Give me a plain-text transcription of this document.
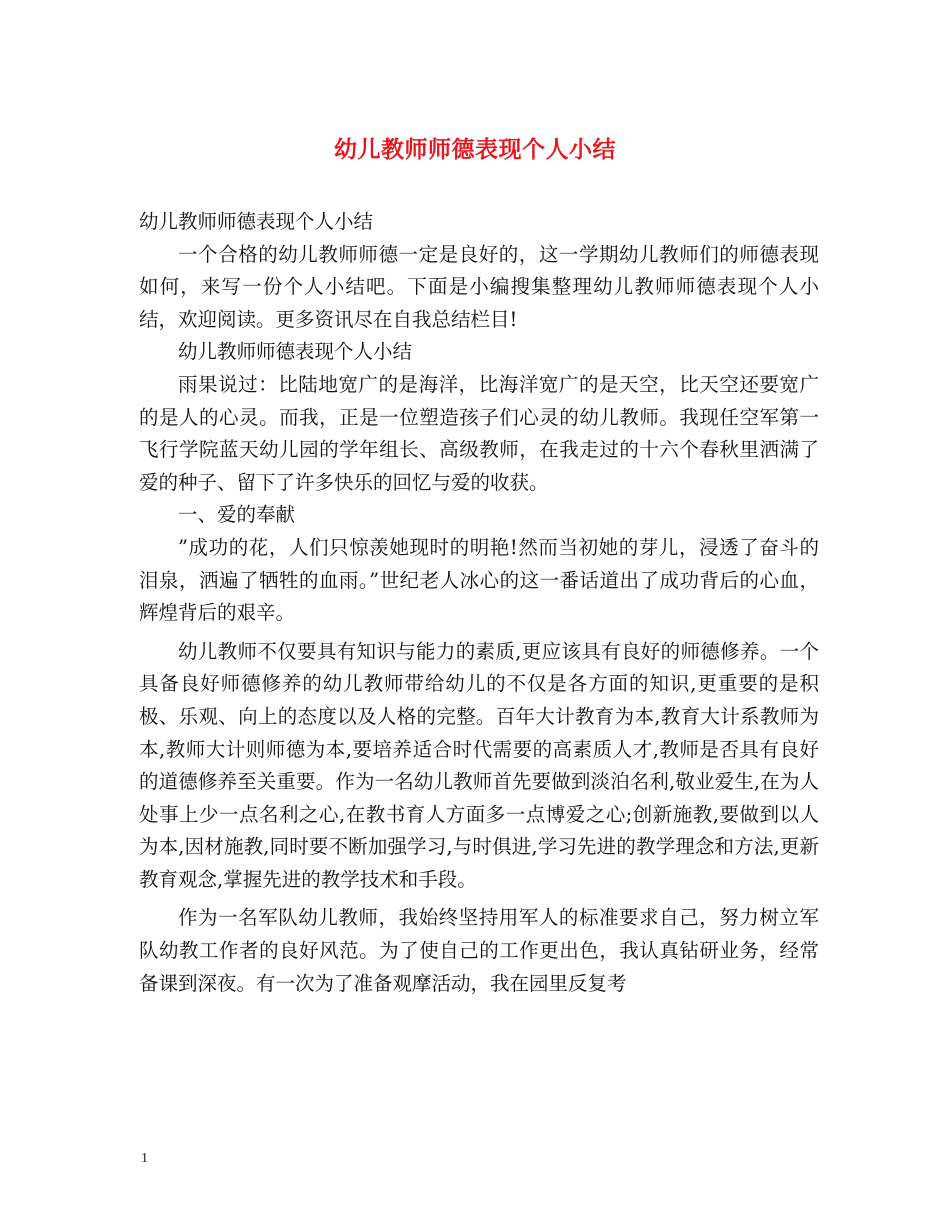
幼儿教师师德表现个人小结

幼儿教师师德表现个人小结

一个合格的幼儿教师师德一定是良好的，这一学期幼儿教师们的师德表现如何，来写一份个人小结吧。下面是小编搜集整理幼儿教师师德表现个人小结，欢迎阅读。更多资讯尽在自我总结栏目!

幼儿教师师德表现个人小结

雨果说过：比陆地宽广的是海洋，比海洋宽广的是天空，比天空还要宽广的是人的心灵。而我，正是一位塑造孩子们心灵的幼儿教师。我现任空军第一飞行学院蓝天幼儿园的学年组长、高级教师，在我走过的十六个春秋里洒满了爱的种子、留下了许多快乐的回忆与爱的收获。

一、爱的奉献

”成功的花，人们只惊羡她现时的明艳!然而当初她的芽儿，浸透了奋斗的泪泉，洒遍了牺牲的血雨。”世纪老人冰心的这一番话道出了成功背后的心血，辉煌背后的艰辛。

幼儿教师不仅要具有知识与能力的素质,更应该具有良好的师德修养。一个具备良好师德修养的幼儿教师带给幼儿的不仅是各方面的知识,更重要的是积极、乐观、向上的态度以及人格的完整。百年大计教育为本,教育大计系教师为本,教师大计则师德为本,要培养适合时代需要的高素质人才,教师是否具有良好的道德修养至关重要。作为一名幼儿教师首先要做到淡泊名利,敬业爱生,在为人处事上少一点名利之心,在教书育人方面多一点博爱之心;创新施教,要做到以人为本,因材施教,同时要不断加强学习,与时俱进,学习先进的教学理念和方法,更新教育观念,掌握先进的教学技术和手段。

作为一名军队幼儿教师，我始终坚持用军人的标准要求自己，努力树立军队幼教工作者的良好风范。为了使自己的工作更出色，我认真钻研业务，经常备课到深夜。有一次为了准备观摩活动，我在园里反复考

1
